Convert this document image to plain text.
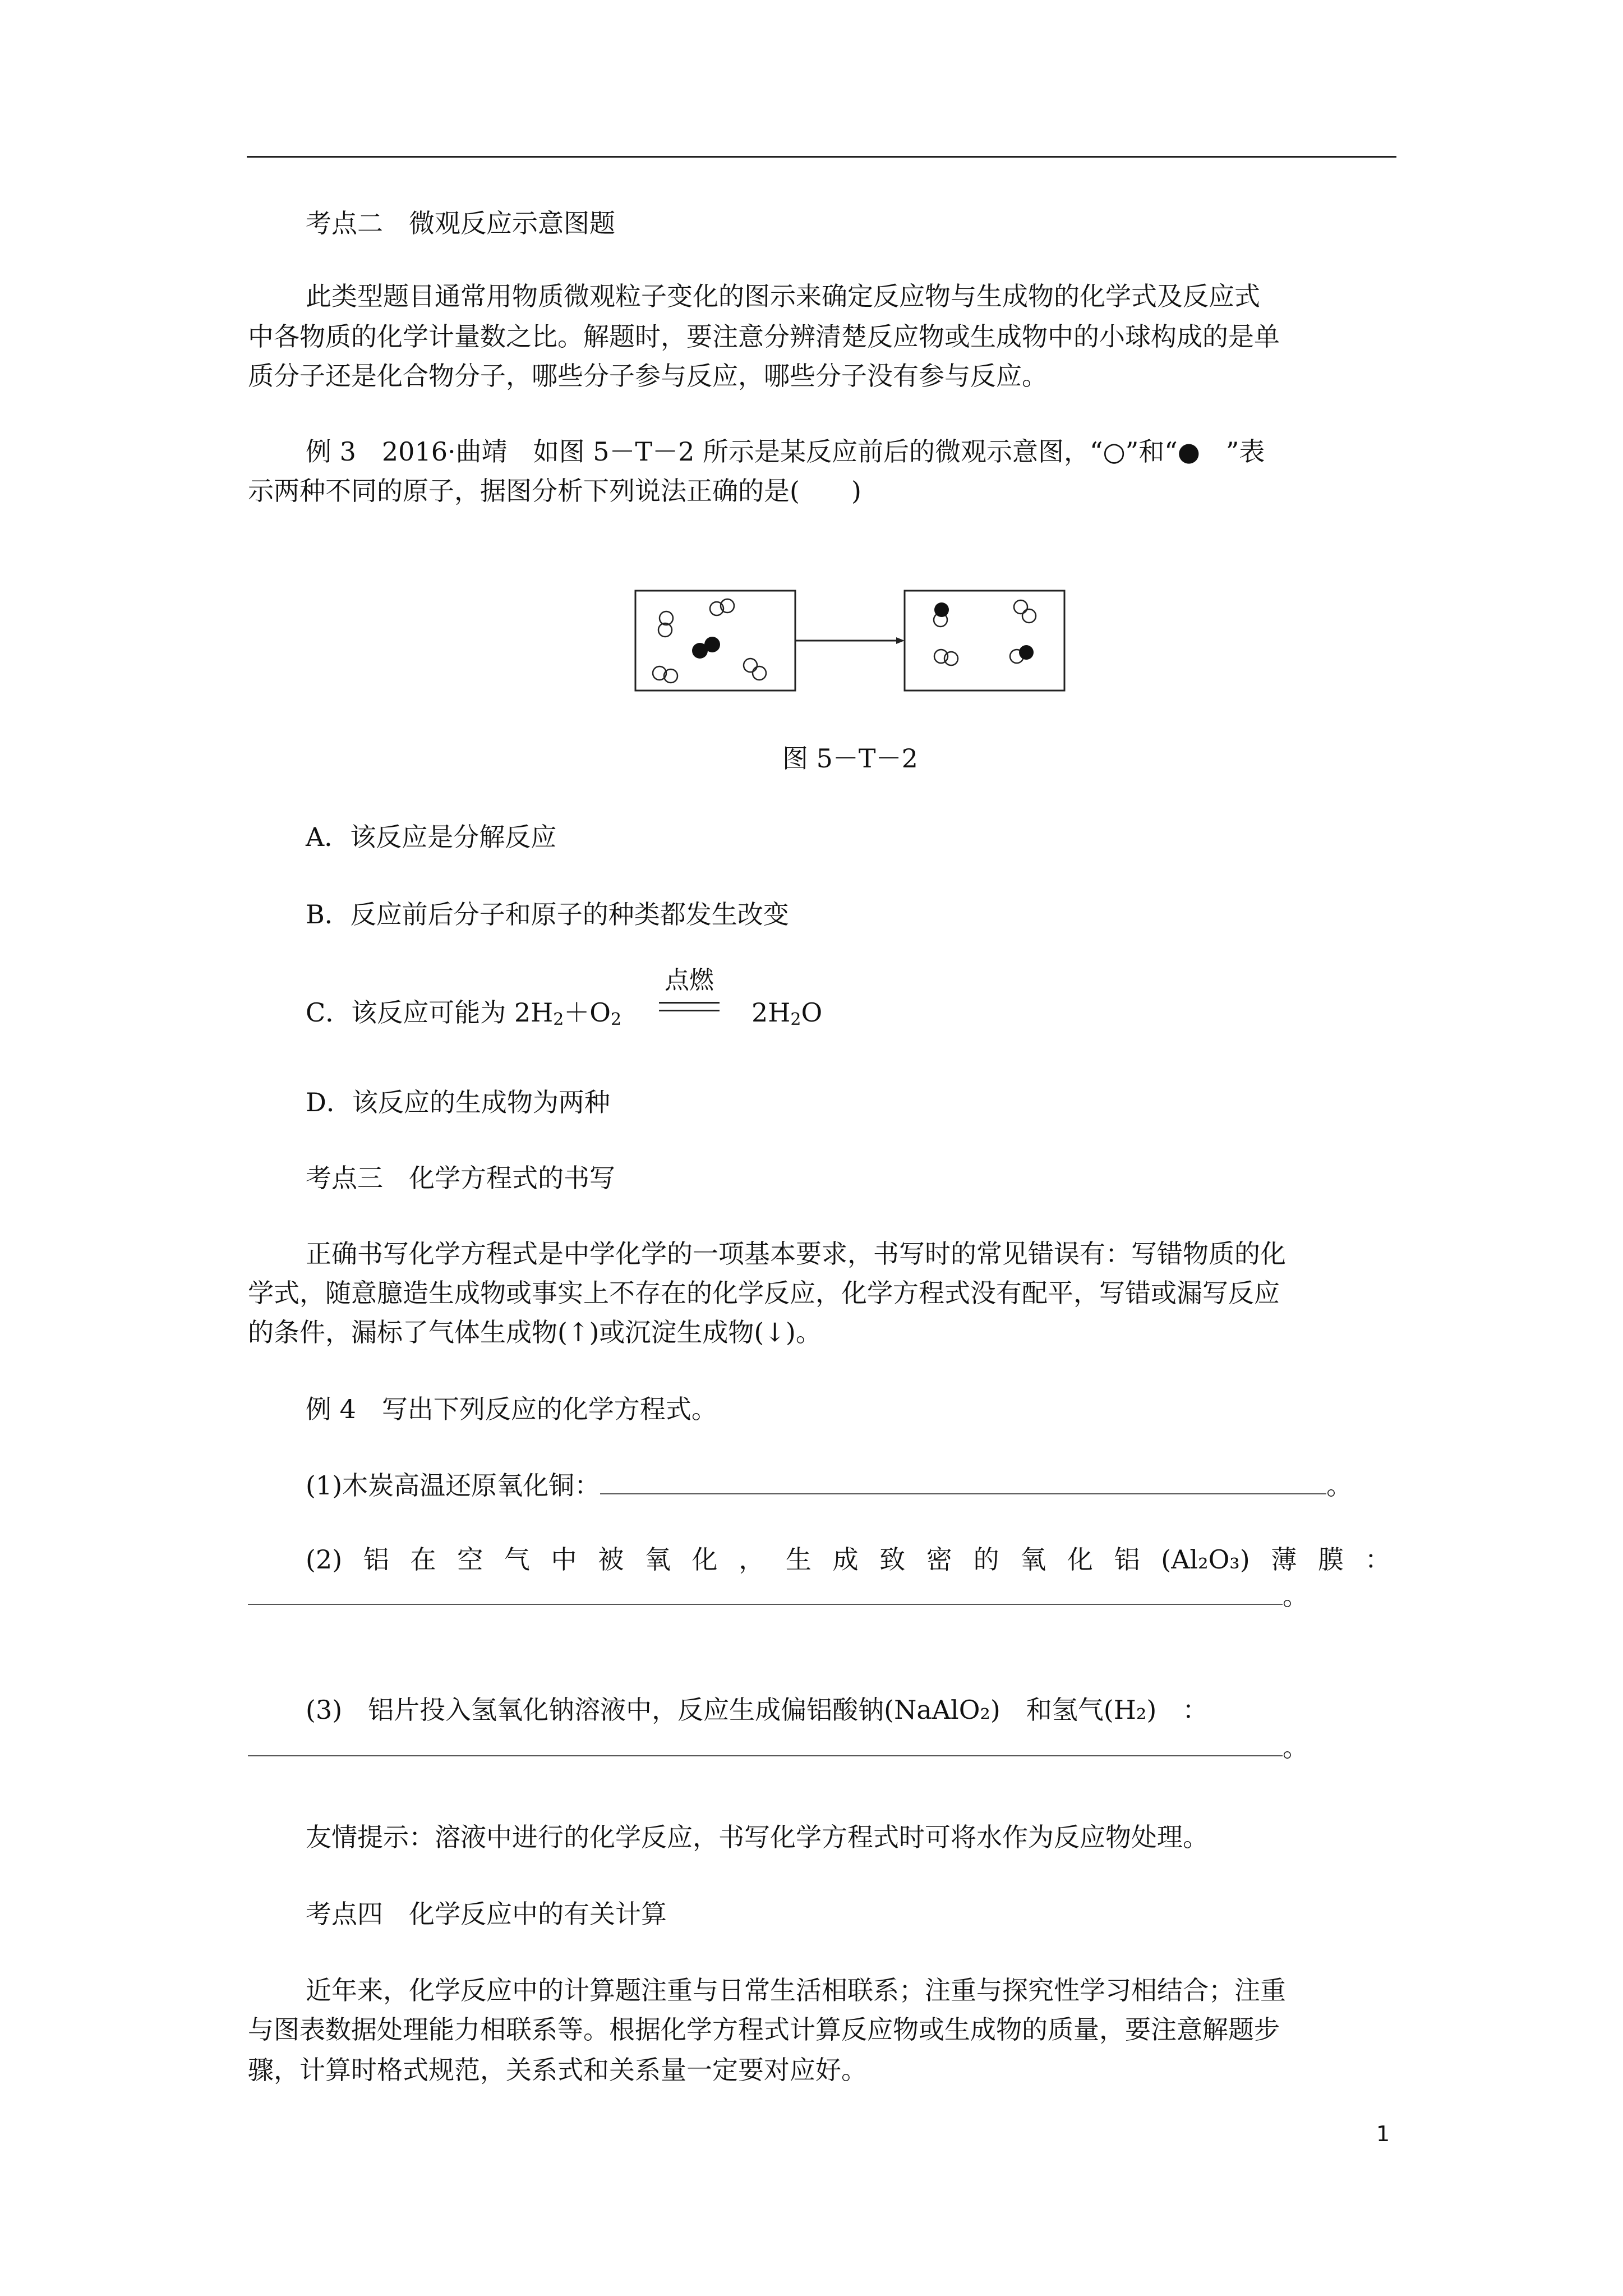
考点二　微观反应示意图题
此类型题目通常用物质微观粒子变化的图示来确定反应物与生成物的化学式及反应式
中各物质的化学计量数之比。解题时，要注意分辨清楚反应物或生成物中的小球构成的是单
质分子还是化合物分子，哪些分子参与反应，哪些分子没有参与反应。
例 3　2016·曲靖　如图 5－T－2 所示是某反应前后的微观示意图，“○”和“●　”表
示两种不同的原子，据图分析下列说法正确的是(　　)
图 5－T－2
A．该反应是分解反应
B．反应前后分子和原子的种类都发生改变
C．该反应可能为 $2H_2+O_2$
点燃
$2H_2O$
D．该反应的生成物为两种
考点三　化学方程式的书写
正确书写化学方程式是中学化学的一项基本要求，书写时的常见错误有：写错物质的化
学式，随意臆造生成物或事实上不存在的化学反应，化学方程式没有配平，写错或漏写反应
的条件，漏标了气体生成物(↑)或沉淀生成物(↓)。
例 4　写出下列反应的化学方程式。
(1)木炭高温还原氧化铜：	。
(2) 铝 在 空 气 中 被 氧 化 ， 生 成 致 密 的 氧 化 铝 (Al₂O₃) 薄 膜 ：
。
(3)　铝片投入氢氧化钠溶液中，反应生成偏铝酸钠(NaAlO₂)　和氢气(H₂)　：
。
友情提示：溶液中进行的化学反应，书写化学方程式时可将水作为反应物处理。
考点四　化学反应中的有关计算
近年来，化学反应中的计算题注重与日常生活相联系；注重与探究性学习相结合；注重
与图表数据处理能力相联系等。根据化学方程式计算反应物或生成物的质量，要注意解题步
骤，计算时格式规范，关系式和关系量一定要对应好。
1
